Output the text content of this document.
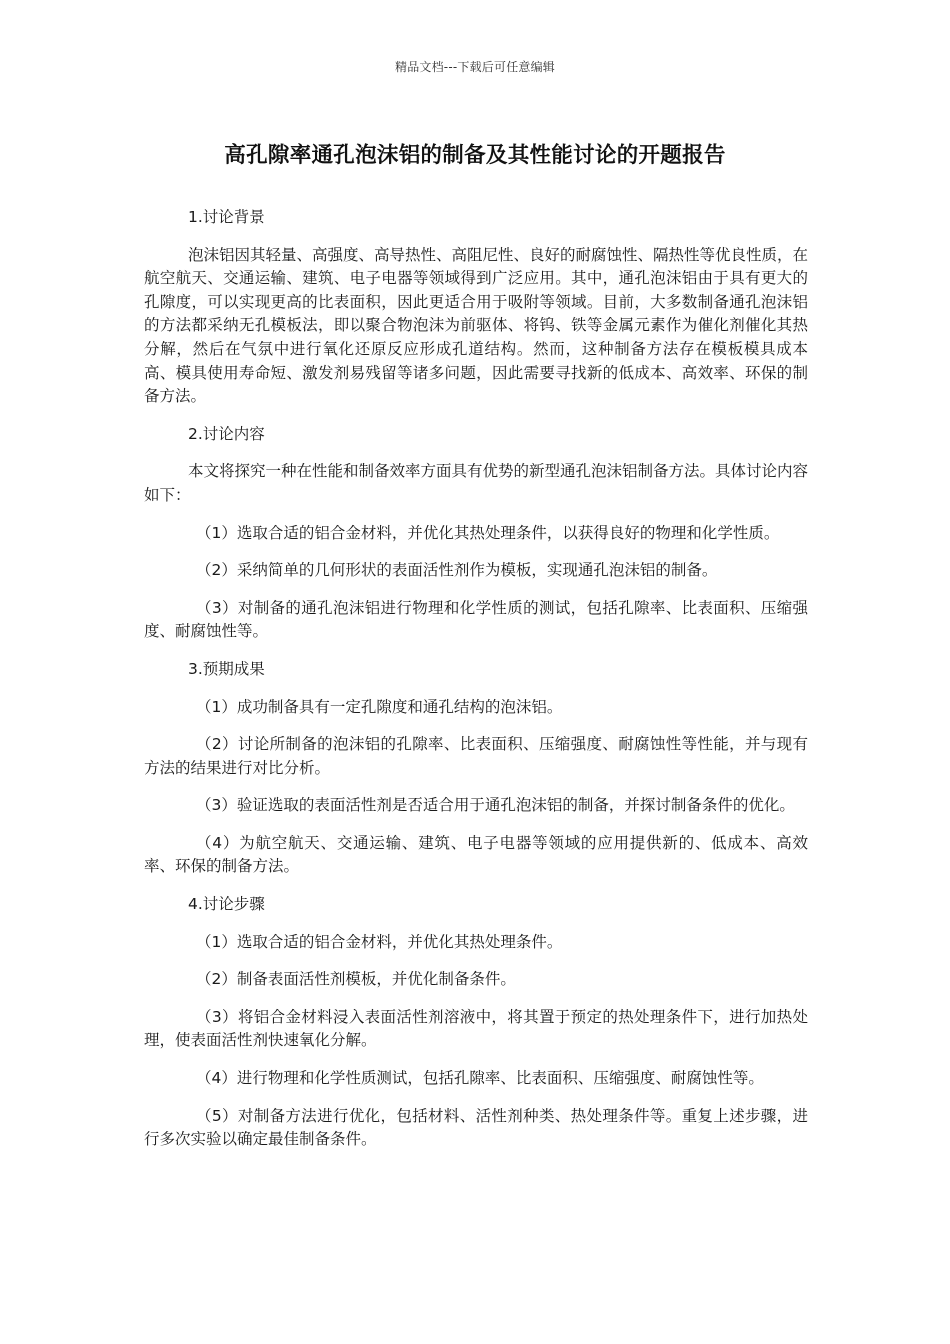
精品文档---下载后可任意编辑
高孔隙率通孔泡沫铝的制备及其性能讨论的开题报告
1.讨论背景
泡沫铝因其轻量、高强度、高导热性、高阻尼性、良好的耐腐蚀性、隔热性等优良性质，在航空航天、交通运输、建筑、电子电器等领域得到广泛应用。其中，通孔泡沫铝由于具有更大的孔隙度，可以实现更高的比表面积，因此更适合用于吸附等领域。目前，大多数制备通孔泡沫铝的方法都采纳无孔模板法，即以聚合物泡沫为前驱体、将钨、铁等金属元素作为催化剂催化其热分解，然后在气氛中进行氧化还原反应形成孔道结构。然而，这种制备方法存在模板模具成本高、模具使用寿命短、激发剂易残留等诸多问题，因此需要寻找新的低成本、高效率、环保的制备方法。
2.讨论内容
本文将探究一种在性能和制备效率方面具有优势的新型通孔泡沫铝制备方法。具体讨论内容如下：
（1）选取合适的铝合金材料，并优化其热处理条件，以获得良好的物理和化学性质。
（2）采纳简单的几何形状的表面活性剂作为模板，实现通孔泡沫铝的制备。
（3）对制备的通孔泡沫铝进行物理和化学性质的测试，包括孔隙率、比表面积、压缩强度、耐腐蚀性等。
3.预期成果
（1）成功制备具有一定孔隙度和通孔结构的泡沫铝。
（2）讨论所制备的泡沫铝的孔隙率、比表面积、压缩强度、耐腐蚀性等性能，并与现有方法的结果进行对比分析。
（3）验证选取的表面活性剂是否适合用于通孔泡沫铝的制备，并探讨制备条件的优化。
（4）为航空航天、交通运输、建筑、电子电器等领域的应用提供新的、低成本、高效率、环保的制备方法。
4.讨论步骤
（1）选取合适的铝合金材料，并优化其热处理条件。
（2）制备表面活性剂模板，并优化制备条件。
（3）将铝合金材料浸入表面活性剂溶液中，将其置于预定的热处理条件下，进行加热处理，使表面活性剂快速氧化分解。
（4）进行物理和化学性质测试，包括孔隙率、比表面积、压缩强度、耐腐蚀性等。
（5）对制备方法进行优化，包括材料、活性剂种类、热处理条件等。重复上述步骤，进行多次实验以确定最佳制备条件。
